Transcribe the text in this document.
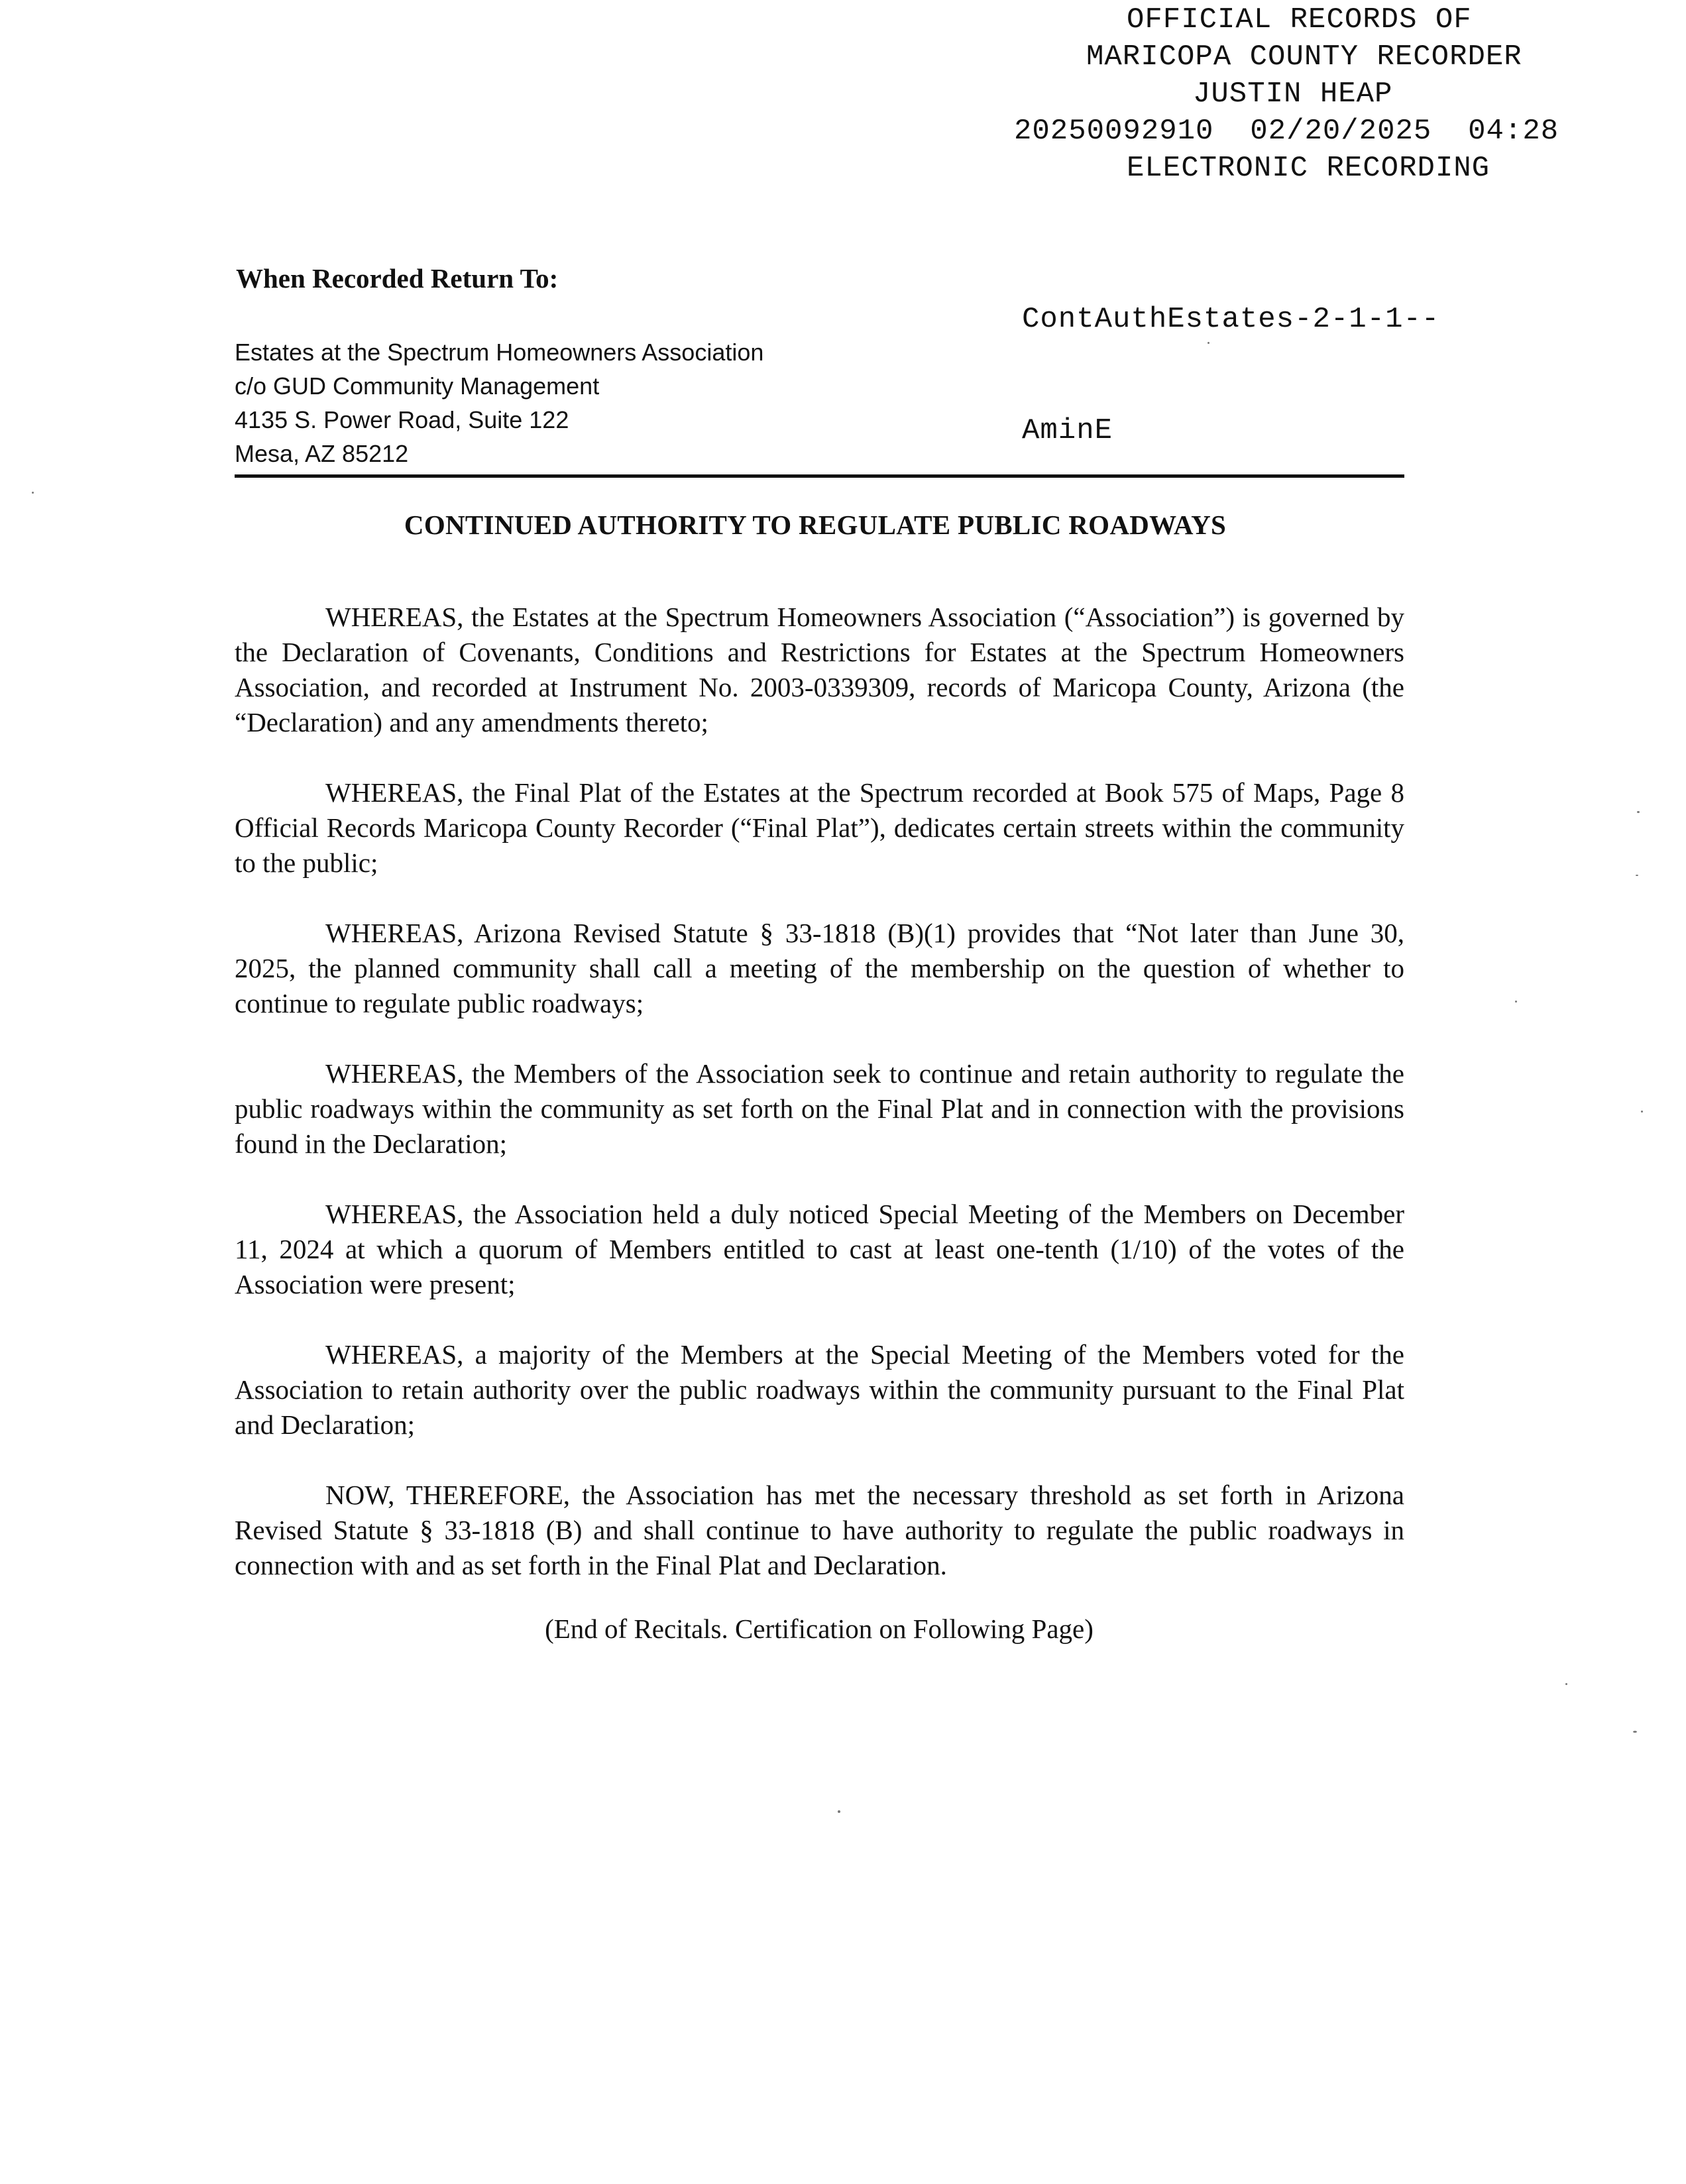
OFFICIAL RECORDS OF
MARICOPA COUNTY RECORDER
JUSTIN HEAP
20250092910  02/20/2025  04:28
ELECTRONIC RECORDING

ContAuthEstates-2-1-1--

AminE

When Recorded Return To:
Estates at the Spectrum Homeowners Association
c/o GUD Community Management
4135 S. Power Road, Suite 122
Mesa, AZ 85212
CONTINUED AUTHORITY TO REGULATE PUBLIC ROADWAYS

WHEREAS, the Estates at the Spectrum Homeowners Association (“Association”) is governed by the Declaration of Covenants, Conditions and Restrictions for Estates at the Spectrum Homeowners Association, and recorded at Instrument No. 2003-0339309, records of Maricopa County, Arizona (the “Declaration) and any amendments thereto;

WHEREAS, the Final Plat of the Estates at the Spectrum recorded at Book 575 of Maps, Page 8 Official Records Maricopa County Recorder (“Final Plat”), dedicates certain streets within the community to the public;

WHEREAS, Arizona Revised Statute § 33-1818 (B)(1) provides that “Not later than June 30, 2025, the planned community shall call a meeting of the membership on the question of whether to continue to regulate public roadways;

WHEREAS, the Members of the Association seek to continue and retain authority to regulate the public roadways within the community as set forth on the Final Plat and in connection with the provisions found in the Declaration;

WHEREAS, the Association held a duly noticed Special Meeting of the Members on December 11, 2024 at which a quorum of Members entitled to cast at least one-tenth (1/10) of the votes of the Association were present;

WHEREAS, a majority of the Members at the Special Meeting of the Members voted for the Association to retain authority over the public roadways within the community pursuant to the Final Plat and Declaration;

NOW, THEREFORE, the Association has met the necessary threshold as set forth in Arizona Revised Statute § 33-1818 (B) and shall continue to have authority to regulate the public roadways in connection with and as set forth in the Final Plat and Declaration.

(End of Recitals. Certification on Following Page)
